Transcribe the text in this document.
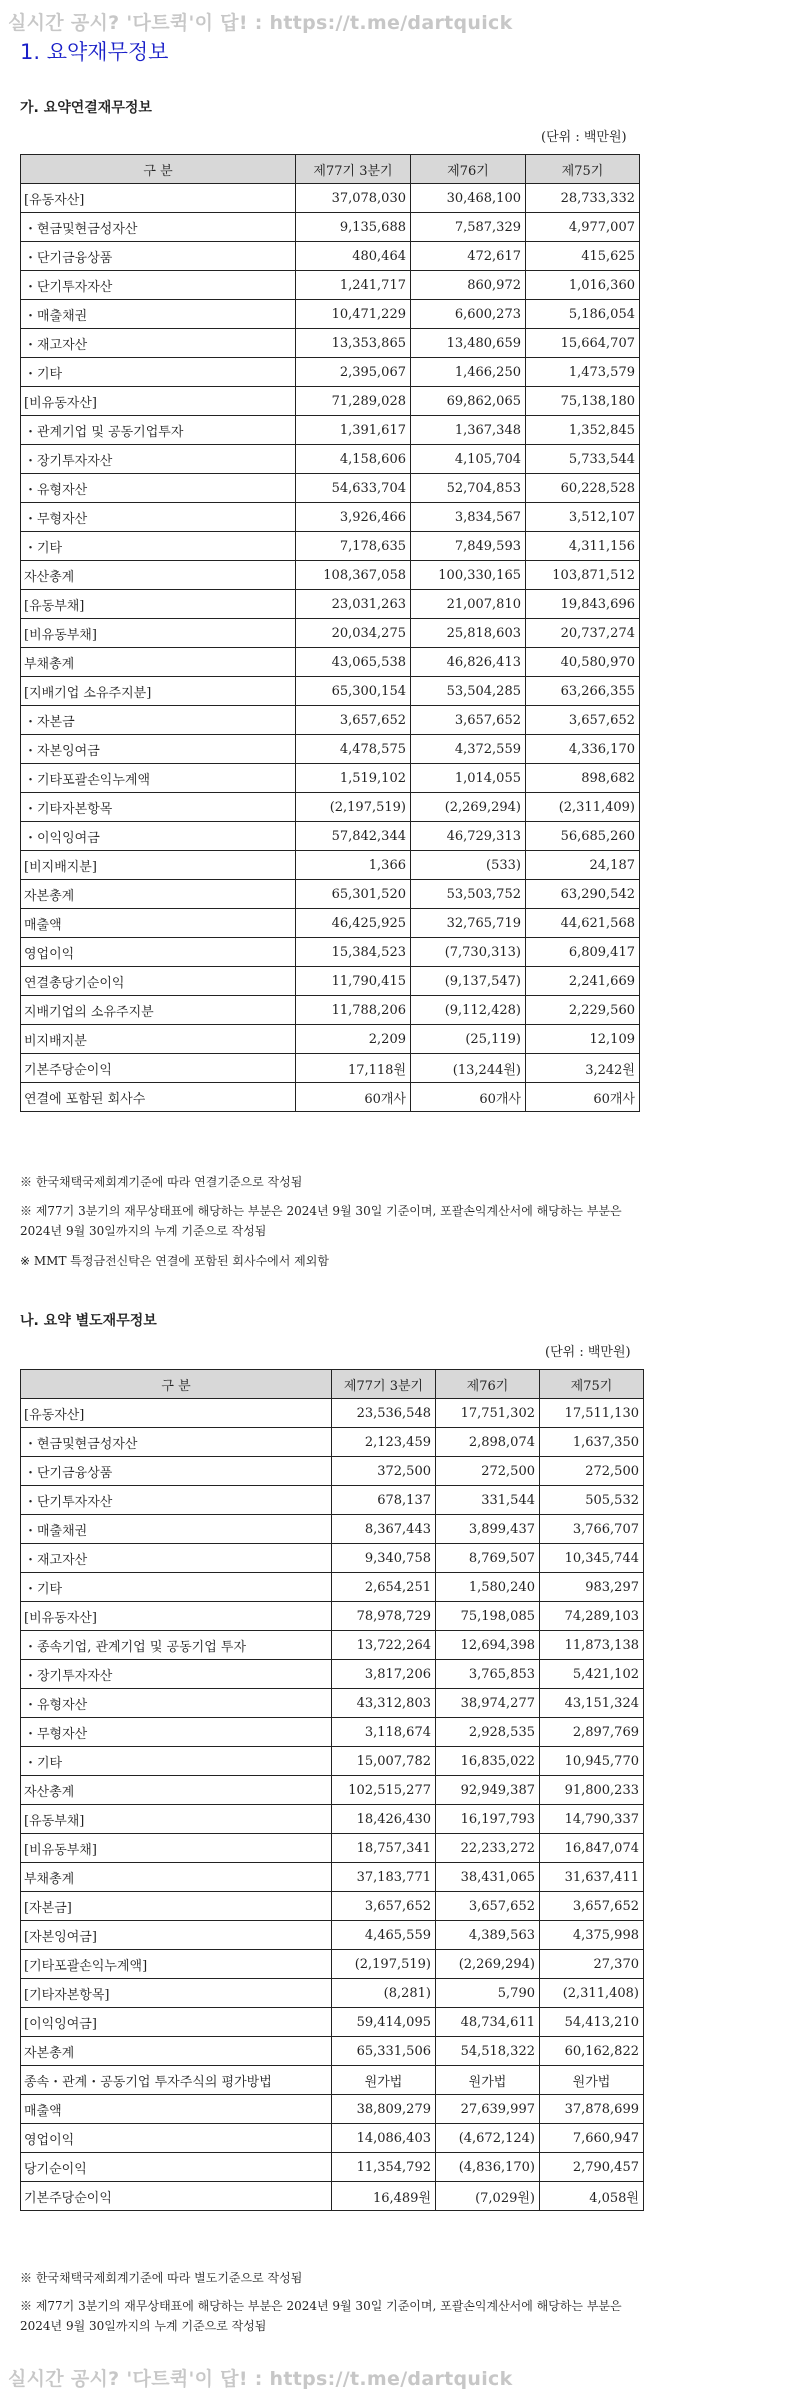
실시간 공시? '다트퀵'이 답! : https://t.me/dartquick
1. 요약재무정보
가. 요약연결재무정보
(단위 : 백만원)
구 분	제77기 3분기	제76기	제75기
[유동자산]	37,078,030	30,468,100	28,733,332
・현금및현금성자산	9,135,688	7,587,329	4,977,007
・단기금융상품	480,464	472,617	415,625
・단기투자자산	1,241,717	860,972	1,016,360
・매출채권	10,471,229	6,600,273	5,186,054
・재고자산	13,353,865	13,480,659	15,664,707
・기타	2,395,067	1,466,250	1,473,579
[비유동자산]	71,289,028	69,862,065	75,138,180
・관계기업 및 공동기업투자	1,391,617	1,367,348	1,352,845
・장기투자자산	4,158,606	4,105,704	5,733,544
・유형자산	54,633,704	52,704,853	60,228,528
・무형자산	3,926,466	3,834,567	3,512,107
・기타	7,178,635	7,849,593	4,311,156
자산총계	108,367,058	100,330,165	103,871,512
[유동부채]	23,031,263	21,007,810	19,843,696
[비유동부채]	20,034,275	25,818,603	20,737,274
부채총계	43,065,538	46,826,413	40,580,970
[지배기업 소유주지분]	65,300,154	53,504,285	63,266,355
・자본금	3,657,652	3,657,652	3,657,652
・자본잉여금	4,478,575	4,372,559	4,336,170
・기타포괄손익누계액	1,519,102	1,014,055	898,682
・기타자본항목	(2,197,519)	(2,269,294)	(2,311,409)
・이익잉여금	57,842,344	46,729,313	56,685,260
[비지배지분]	1,366	(533)	24,187
자본총계	65,301,520	53,503,752	63,290,542
매출액	46,425,925	32,765,719	44,621,568
영업이익	15,384,523	(7,730,313)	6,809,417
연결총당기순이익	11,790,415	(9,137,547)	2,241,669
지배기업의 소유주지분	11,788,206	(9,112,428)	2,229,560
비지배지분	2,209	(25,119)	12,109
기본주당순이익	17,118원	(13,244원)	3,242원
연결에 포함된 회사수	60개사	60개사	60개사
※ 한국채택국제회계기준에 따라 연결기준으로 작성됨
※ 제77기 3분기의 재무상태표에 해당하는 부분은 2024년 9월 30일 기준이며, 포괄손익계산서에 해당하는 부분은 2024년 9월 30일까지의 누계 기준으로 작성됨
※ MMT 특정금전신탁은 연결에 포함된 회사수에서 제외함
나. 요약 별도재무정보
(단위 : 백만원)
구 분	제77기 3분기	제76기	제75기
[유동자산]	23,536,548	17,751,302	17,511,130
・현금및현금성자산	2,123,459	2,898,074	1,637,350
・단기금융상품	372,500	272,500	272,500
・단기투자자산	678,137	331,544	505,532
・매출채권	8,367,443	3,899,437	3,766,707
・재고자산	9,340,758	8,769,507	10,345,744
・기타	2,654,251	1,580,240	983,297
[비유동자산]	78,978,729	75,198,085	74,289,103
・종속기업, 관계기업 및 공동기업 투자	13,722,264	12,694,398	11,873,138
・장기투자자산	3,817,206	3,765,853	5,421,102
・유형자산	43,312,803	38,974,277	43,151,324
・무형자산	3,118,674	2,928,535	2,897,769
・기타	15,007,782	16,835,022	10,945,770
자산총계	102,515,277	92,949,387	91,800,233
[유동부채]	18,426,430	16,197,793	14,790,337
[비유동부채]	18,757,341	22,233,272	16,847,074
부채총계	37,183,771	38,431,065	31,637,411
[자본금]	3,657,652	3,657,652	3,657,652
[자본잉여금]	4,465,559	4,389,563	4,375,998
[기타포괄손익누계액]	(2,197,519)	(2,269,294)	27,370
[기타자본항목]	(8,281)	5,790	(2,311,408)
[이익잉여금]	59,414,095	48,734,611	54,413,210
자본총계	65,331,506	54,518,322	60,162,822
종속・관계・공동기업 투자주식의 평가방법	원가법	원가법	원가법
매출액	38,809,279	27,639,997	37,878,699
영업이익	14,086,403	(4,672,124)	7,660,947
당기순이익	11,354,792	(4,836,170)	2,790,457
기본주당순이익	16,489원	(7,029원)	4,058원
※ 한국채택국제회계기준에 따라 별도기준으로 작성됨
※ 제77기 3분기의 재무상태표에 해당하는 부분은 2024년 9월 30일 기준이며, 포괄손익계산서에 해당하는 부분은 2024년 9월 30일까지의 누계 기준으로 작성됨
실시간 공시? '다트퀵'이 답! : https://t.me/dartquick
